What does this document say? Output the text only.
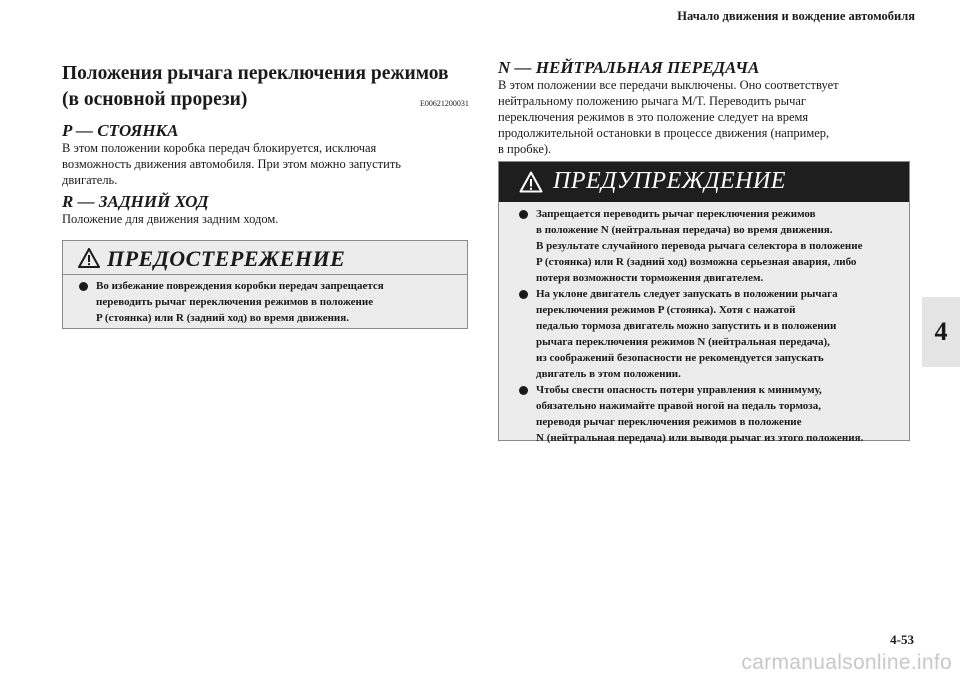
Начало движения и вождение автомобиля
Положения рычага переключения режимов
(в основной прорези)	E00621200031
P — СТОЯНКА

В этом положении коробка передач блокируется, исключая
возможность движения автомобиля. При этом можно запустить
двигатель.

R — ЗАДНИЙ ХОД

Положение для движения задним ходом.

ПРЕДОСТЕРЕЖЕНИЕ
Во избежание повреждения коробки передач запрещается
переводить рычаг переключения режимов в положение
P (стоянка) или R (задний ход) во время движения.
N — НЕЙТРАЛЬНАЯ ПЕРЕДАЧА

В этом положении все передачи выключены. Оно соответствует
нейтральному положению рычага M/T. Переводить рычаг
переключения режимов в это положение следует на время
продолжительной остановки в процессе движения (например,
в пробке).

ПРЕДУПРЕЖДЕНИЕ
Запрещается переводить рычаг переключения режимов
в положение N (нейтральная передача) во время движения.
В результате случайного перевода рычага селектора в положение
P (стоянка) или R (задний ход) возможна серьезная авария, либо
потеря возможности торможения двигателем.
На уклоне двигатель следует запускать в положении рычага
переключения режимов P (стоянка). Хотя с нажатой
педалью тормоза двигатель можно запустить и в положении
рычага переключения режимов N (нейтральная передача),
из соображений безопасности не рекомендуется запускать
двигатель в этом положении.
Чтобы свести опасность потери управления к минимуму,
обязательно нажимайте правой ногой на педаль тормоза,
переводя рычаг переключения режимов в положение
N (нейтральная передача) или выводя рычаг из этого положения.
4
4-53
carmanualsonline.info
